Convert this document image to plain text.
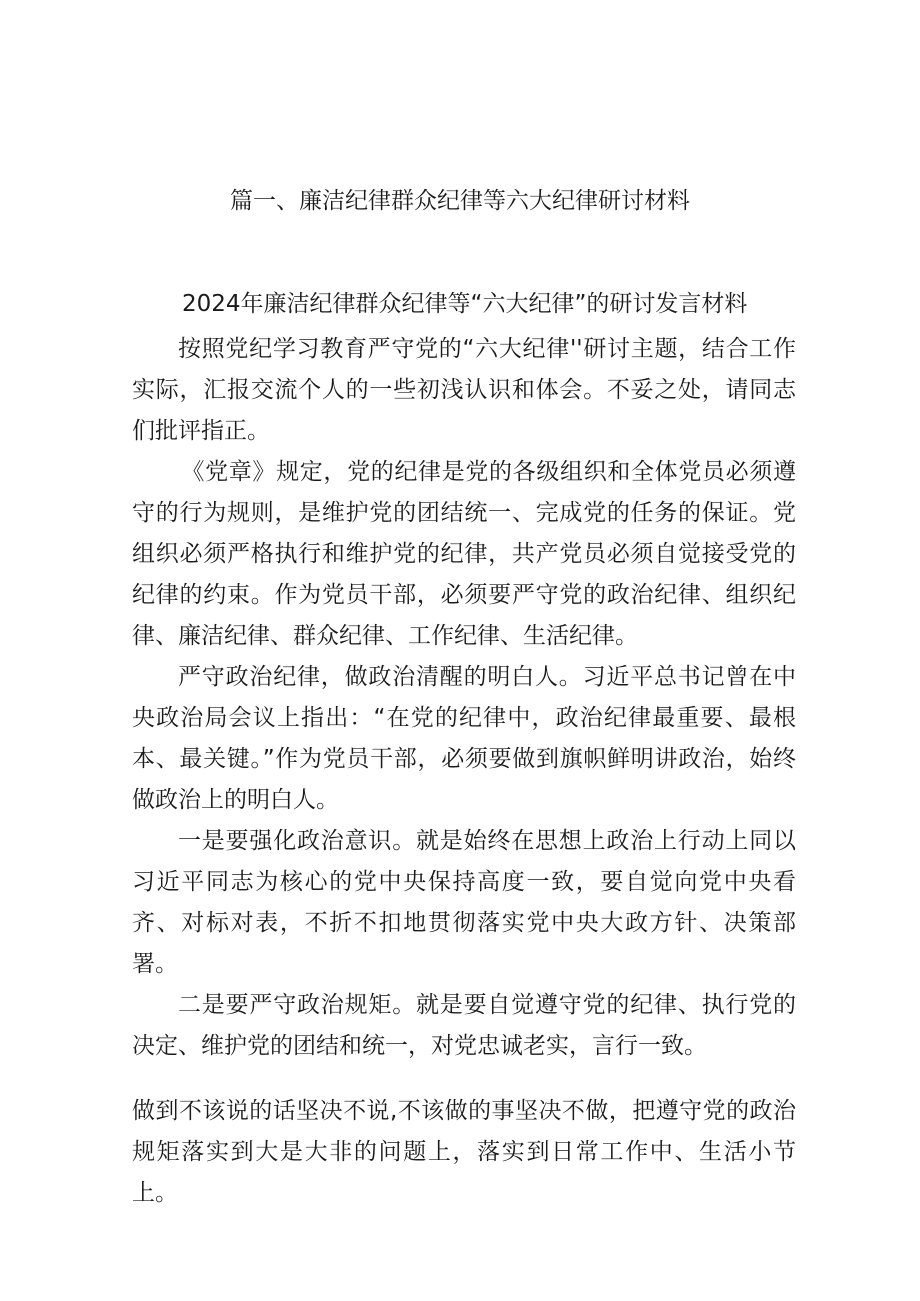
篇一、廉洁纪律群众纪律等六大纪律研讨材料
2024年廉洁纪律群众纪律等“六大纪律”的研讨发言材料

按照党纪学习教育严守党的“六大纪律''研讨主题，结合工作实际，汇报交流个人的一些初浅认识和体会。不妥之处，请同志们批评指正。

《党章》规定，党的纪律是党的各级组织和全体党员必须遵守的行为规则，是维护党的团结统一、完成党的任务的保证。党组织必须严格执行和维护党的纪律，共产党员必须自觉接受党的纪律的约束。作为党员干部，必须要严守党的政治纪律、组织纪律、廉洁纪律、群众纪律、工作纪律、生活纪律。

严守政治纪律，做政治清醒的明白人。习近平总书记曾在中央政治局会议上指出：“在党的纪律中，政治纪律最重要、最根本、最关键。”作为党员干部，必须要做到旗帜鲜明讲政治，始终做政治上的明白人。

一是要强化政治意识。就是始终在思想上政治上行动上同以习近平同志为核心的党中央保持高度一致，要自觉向党中央看齐、对标对表，不折不扣地贯彻落实党中央大政方针、决策部署。

二是要严守政治规矩。就是要自觉遵守党的纪律、执行党的决定、维护党的团结和统一，对党忠诚老实，言行一致。

做到不该说的话坚决不说,不该做的事坚决不做，把遵守党的政治规矩落实到大是大非的问题上，落实到日常工作中、生活小节上。
